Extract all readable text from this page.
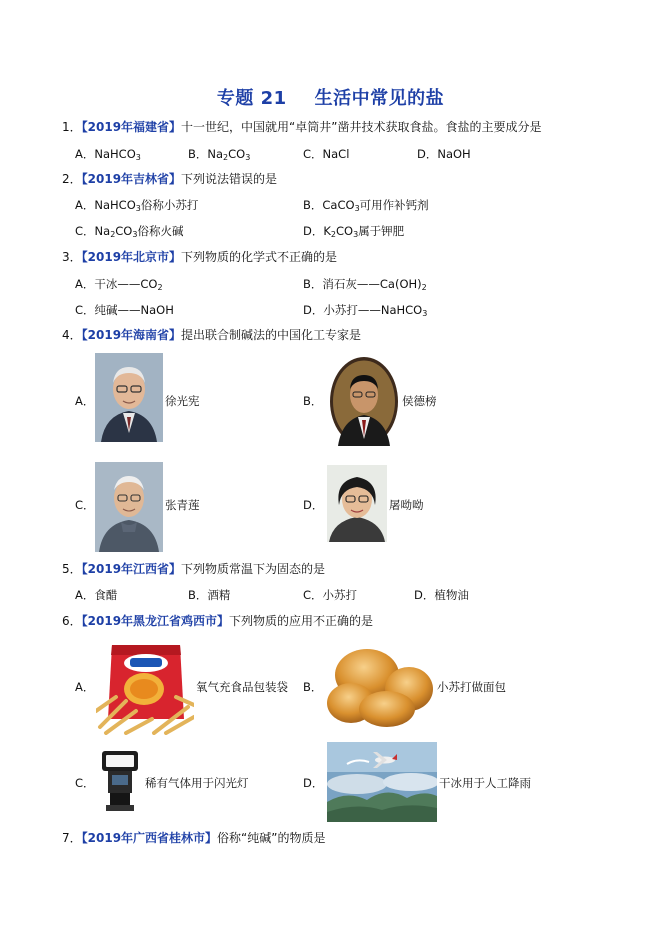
专题 21 生活中常见的盐
1．【2019年福建省】十一世纪，中国就用“卓筒井”凿井技术获取食盐。食盐的主要成分是
A．NaHCO$_3$	B．$Na_2CO_3$	C．NaCl	D．NaOH
2．【2019年吉林省】下列说法错误的是
A．NaHCO$_3$俗称小苏打	B．CaCO$_3$可用作补钙剂
C．$Na_2CO_3$俗称火碱	D．$K_2CO_3$属于钾肥
3．【2019年北京市】下列物质的化学式不正确的是
A．干冰$——CO_2$	B．消石灰$——Ca(OH)_2$
C．纯碱——NaOH	D．小苏打——NaHCO$_3$
4．【2019年海南省】提出联合制碱法的中国化工专家是
A．	徐光宪	B．	侯德榜
C．	张青莲	D．	屠呦呦
5．【2019年江西省】下列物质常温下为固态的是
A．食醋	B．酒精	C．小苏打	D．植物油
6．【2019年黑龙江省鸡西市】下列物质的应用不正确的是
A．	氧气充食品包装袋 B．	小苏打做面包
C．	稀有气体用于闪光灯	D．	干冰用于人工降雨
7．【2019年广西省桂林市】俗称“纯碱”的物质是
